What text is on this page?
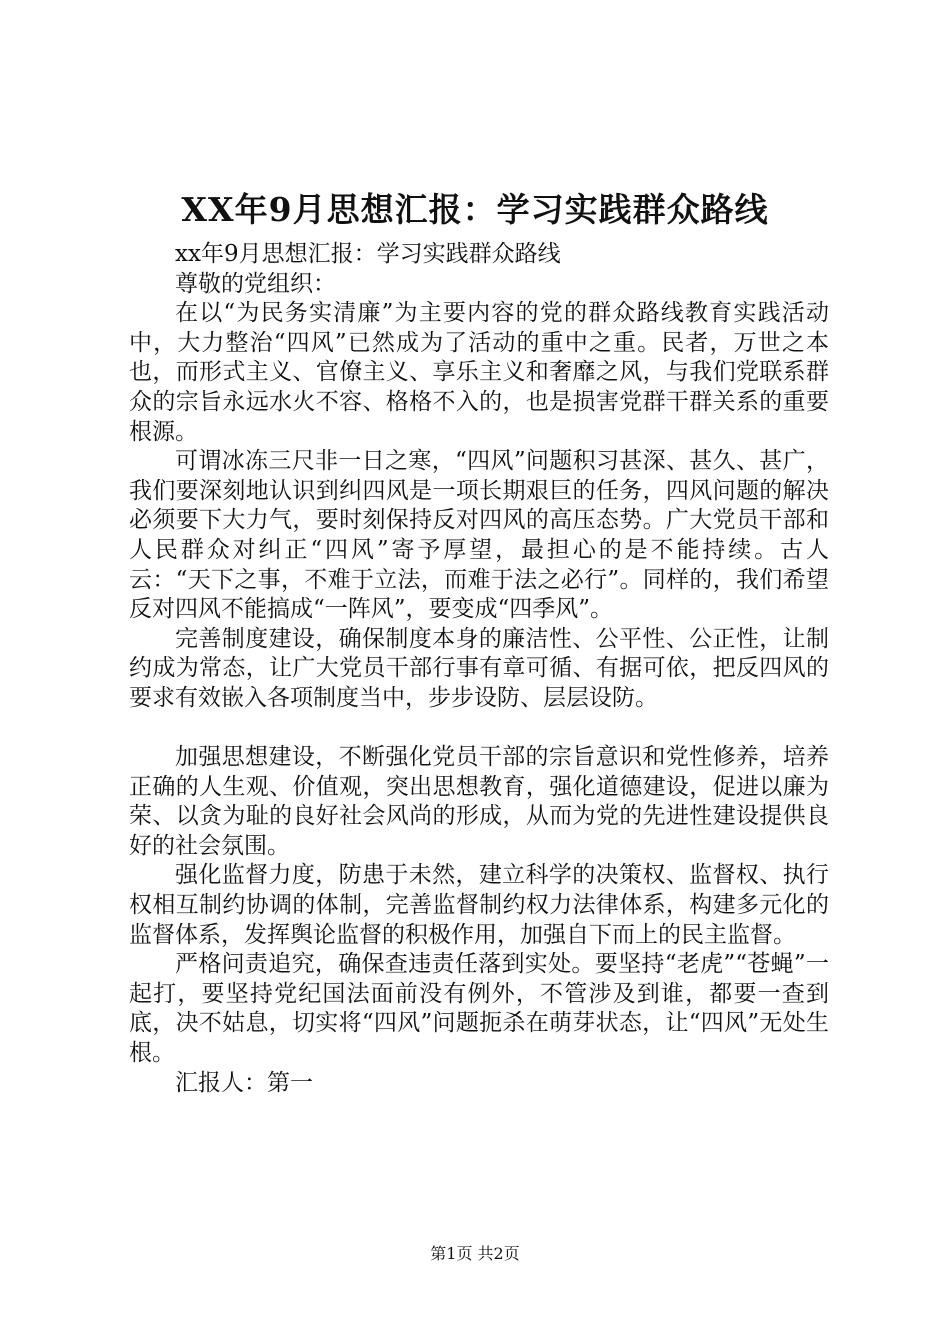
XX年9月思想汇报：学习实践群众路线

xx年9月思想汇报：学习实践群众路线

尊敬的党组织：

在以“为民务实清廉”为主要内容的党的群众路线教育实践活动中，大力整治“四风”已然成为了活动的重中之重。民者，万世之本也，而形式主义、官僚主义、享乐主义和奢靡之风，与我们党联系群众的宗旨永远水火不容、格格不入的，也是损害党群干群关系的重要根源。

可谓冰冻三尺非一日之寒，“四风”问题积习甚深、甚久、甚广，我们要深刻地认识到纠四风是一项长期艰巨的任务，四风问题的解决必须要下大力气，要时刻保持反对四风的高压态势。广大党员干部和人民群众对纠正“四风”寄予厚望，最担心的是不能持续。古人云：“天下之事，不难于立法，而难于法之必行”。同样的，我们希望反对四风不能搞成“一阵风”，要变成“四季风”。

完善制度建设，确保制度本身的廉洁性、公平性、公正性，让制约成为常态，让广大党员干部行事有章可循、有据可依，把反四风的要求有效嵌入各项制度当中，步步设防、层层设防。

加强思想建设，不断强化党员干部的宗旨意识和党性修养，培养正确的人生观、价值观，突出思想教育，强化道德建设，促进以廉为荣、以贪为耻的良好社会风尚的形成，从而为党的先进性建设提供良好的社会氛围。

强化监督力度，防患于未然，建立科学的决策权、监督权、执行权相互制约协调的体制，完善监督制约权力法律体系，构建多元化的监督体系，发挥舆论监督的积极作用，加强自下而上的民主监督。

严格问责追究，确保查违责任落到实处。要坚持“老虎”“苍蝇”一起打，要坚持党纪国法面前没有例外，不管涉及到谁，都要一查到底，决不姑息，切实将“四风”问题扼杀在萌芽状态，让“四风”无处生根。

汇报人：第一

第1页 共2页
